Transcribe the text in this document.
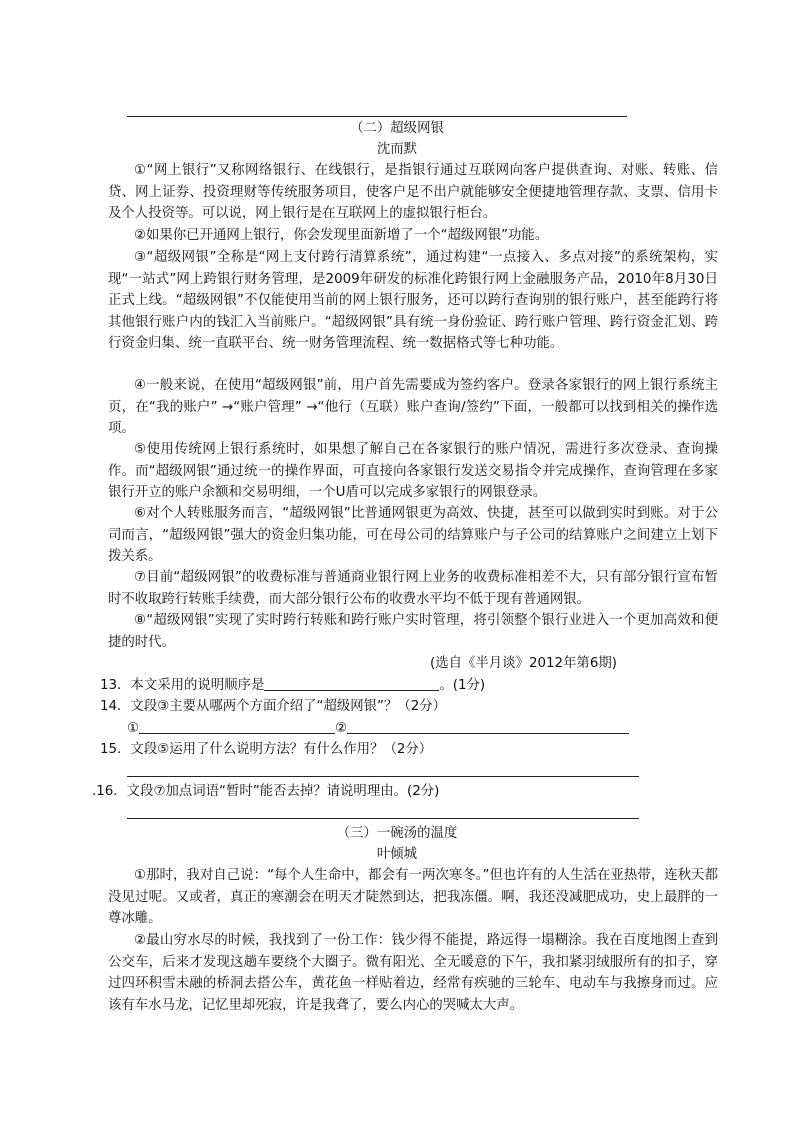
（二）超级网银
沈而默
①“网上银行”又称网络银行、在线银行，是指银行通过互联网向客户提供查询、对账、转账、信贷、网上证券、投资理财等传统服务项目，使客户足不出户就能够安全便捷地管理存款、支票、信用卡及个人投资等。可以说，网上银行是在互联网上的虚拟银行柜台。
②如果你已开通网上银行，你会发现里面新增了一个“超级网银”功能。
③“超级网银”全称是“网上支付跨行清算系统”，通过构建“一点接入、多点对接”的系统架构，实现“一站式”网上跨银行财务管理，是2009年研发的标准化跨银行网上金融服务产品，2010年8月30日正式上线。“超级网银”不仅能使用当前的网上银行服务，还可以跨行查询别的银行账户，甚至能跨行将其他银行账户内的钱汇入当前账户。“超级网银”具有统一身份验证、跨行账户管理、跨行资金汇划、跨行资金归集、统一直联平台、统一财务管理流程、统一数据格式等七种功能。
④一般来说，在使用“超级网银”前，用户首先需要成为签约客户。登录各家银行的网上银行系统主页，在“我的账户” →“账户管理” →“他行（互联）账户查询/签约”下面，一般都可以找到相关的操作选项。
⑤使用传统网上银行系统时，如果想了解自己在各家银行的账户情况，需进行多次登录、查询操作。而“超级网银”通过统一的操作界面，可直接向各家银行发送交易指令并完成操作，查询管理在多家银行开立的账户余额和交易明细，一个U盾可以完成多家银行的网银登录。
⑥对个人转账服务而言，“超级网银”比普通网银更为高效、快捷，甚至可以做到实时到账。对于公司而言，“超级网银”强大的资金归集功能，可在母公司的结算账户与子公司的结算账户之间建立上划下拨关系。
⑦目前“超级网银”的收费标准与普通商业银行网上业务的收费标准相差不大，只有部分银行宣布暂时不收取跨行转账手续费，而大部分银行公布的收费水平均不低于现有普通网银。
⑧“超级网银”实现了实时跨行转账和跨行账户实时管理，将引领整个银行业进入一个更加高效和便捷的时代。
(选自《半月谈》2012年第6期)
13．本文采用的说明顺序是	。(1分)
14．文段③主要从哪两个方面介绍了“超级网银”？（2分）
①	②
15．文段⑤运用了什么说明方法？有什么作用？（2分）
.16．文段⑦加点词语“暂时”能否去掉？请说明理由。(2分)
（三）一碗汤的温度
叶倾城
①那时，我对自己说：“每个人生命中，都会有一两次寒冬。”但也许有的人生活在亚热带，连秋天都没见过呢。又或者，真正的寒潮会在明天才陡然到达，把我冻僵。啊，我还没减肥成功，史上最胖的一尊冰雕。
②最山穷水尽的时候，我找到了一份工作：钱少得不能提，路远得一塌糊涂。我在百度地图上查到公交车，后来才发现这趟车要绕个大圈子。微有阳光、全无暖意的下午，我扣紧羽绒服所有的扣子，穿过四环积雪未融的桥洞去搭公车，黄花鱼一样贴着边，经常有疾驰的三轮车、电动车与我擦身而过。应该有车水马龙，记忆里却死寂，许是我聋了，要么内心的哭喊太大声。
